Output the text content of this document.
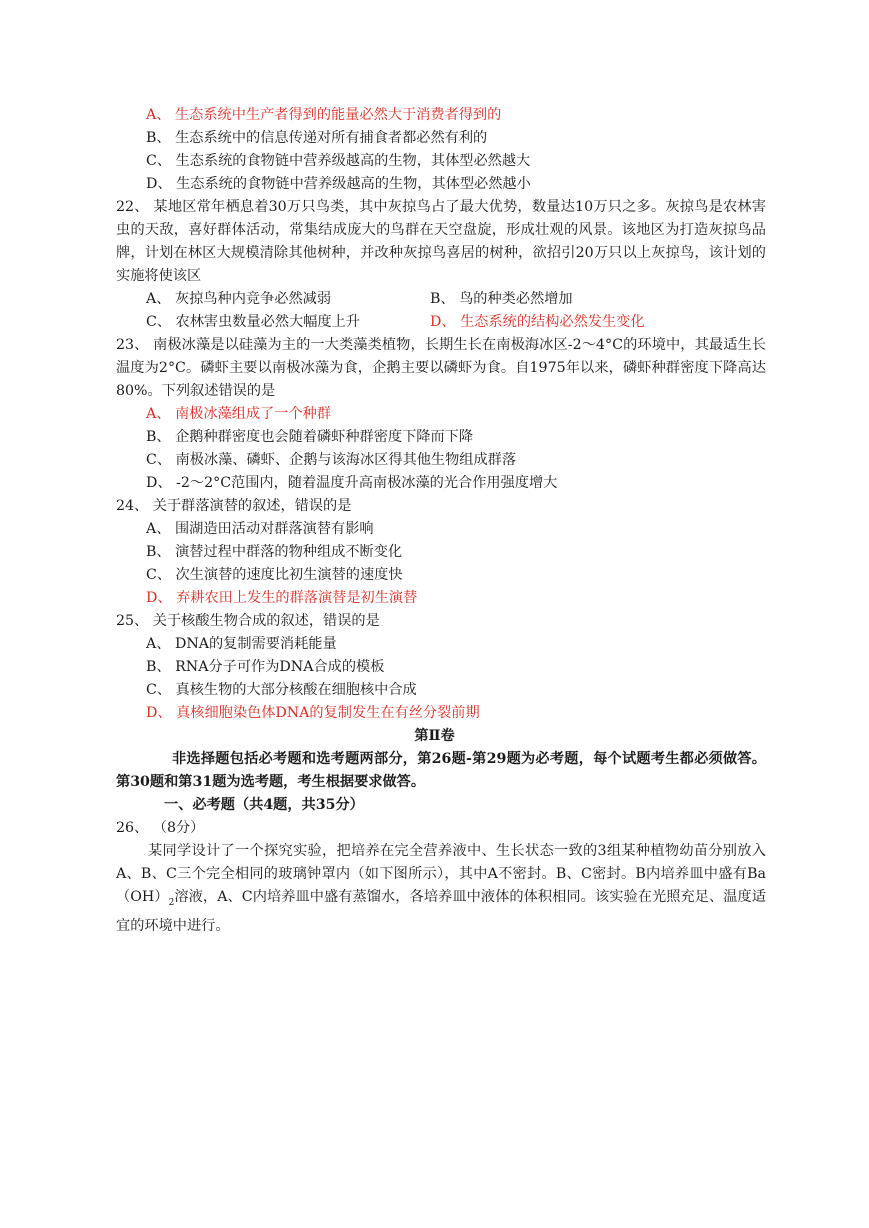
A、 生态系统中生产者得到的能量必然大于消费者得到的
B、 生态系统中的信息传递对所有捕食者都必然有利的
C、 生态系统的食物链中营养级越高的生物，其体型必然越大
D、 生态系统的食物链中营养级越高的生物，其体型必然越小
22、 某地区常年栖息着30万只鸟类，其中灰掠鸟占了最大优势，数量达10万只之多。灰掠鸟是农林害虫的天敌，喜好群体活动，常集结成庞大的鸟群在天空盘旋，形成壮观的风景。该地区为打造灰掠鸟品牌，计划在林区大规模清除其他树种，并改种灰掠鸟喜居的树种，欲招引20万只以上灰掠鸟，该计划的实施将使该区
A、 灰掠鸟种内竞争必然减弱	B、 鸟的种类必然增加
C、 农林害虫数量必然大幅度上升	D、 生态系统的结构必然发生变化
23、 南极冰藻是以硅藻为主的一大类藻类植物，长期生长在南极海冰区-2～4°C的环境中，其最适生长温度为2°C。磷虾主要以南极冰藻为食，企鹅主要以磷虾为食。自1975年以来，磷虾种群密度下降高达80%。下列叙述错误的是
A、 南极冰藻组成了一个种群
B、 企鹅种群密度也会随着磷虾种群密度下降而下降
C、 南极冰藻、磷虾、企鹅与该海冰区得其他生物组成群落
D、 -2～2°C范围内，随着温度升高南极冰藻的光合作用强度增大
24、 关于群落演替的叙述，错误的是
A、 围湖造田活动对群落演替有影响
B、 演替过程中群落的物种组成不断变化
C、 次生演替的速度比初生演替的速度快
D、 弃耕农田上发生的群落演替是初生演替
25、 关于核酸生物合成的叙述，错误的是
A、 DNA的复制需要消耗能量
B、 RNA分子可作为DNA合成的模板
C、 真核生物的大部分核酸在细胞核中合成
D、 真核细胞染色体DNA的复制发生在有丝分裂前期
第Ⅱ卷
非选择题包括必考题和选考题两部分，第26题-第29题为必考题，每个试题考生都必须做答。第30题和第31题为选考题，考生根据要求做答。
一、必考题（共4题，共35分）
26、 （8分）
某同学设计了一个探究实验，把培养在完全营养液中、生长状态一致的3组某种植物幼苗分别放入A、B、C三个完全相同的玻璃钟罩内（如下图所示），其中A不密封。B、C密封。B内培养皿中盛有$Ba(OH)_2$溶液，A、C内培养皿中盛有蒸馏水，各培养皿中液体的体积相同。该实验在光照充足、温度适宜的环境中进行。
